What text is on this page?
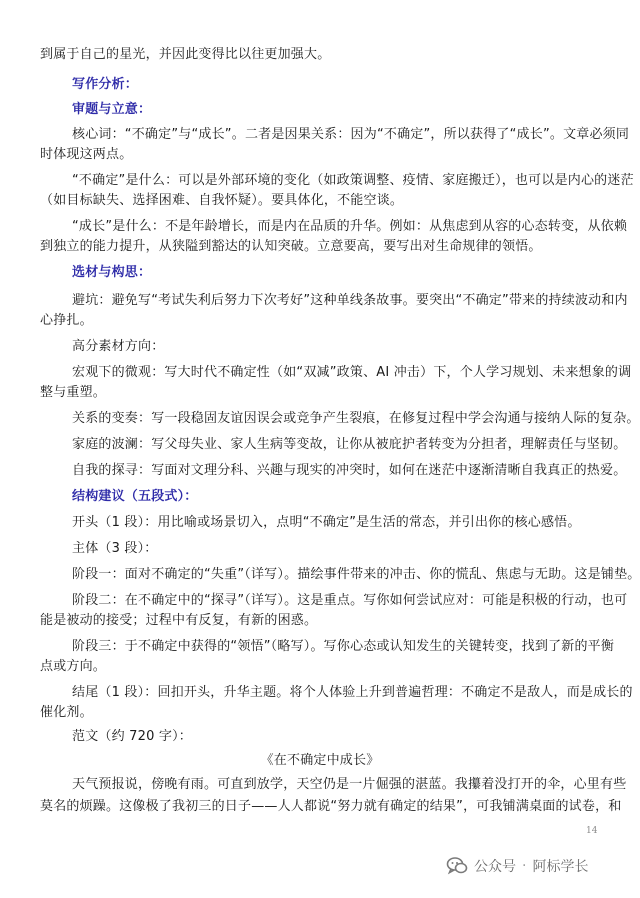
到属于自己的星光，并因此变得比以往更加强大。
写作分析：
审题与立意：
核心词：“不确定”与“成长”。二者是因果关系：因为“不确定”，所以获得了“成长”。文章必须同
时体现这两点。
“不确定”是什么：可以是外部环境的变化（如政策调整、疫情、家庭搬迁），也可以是内心的迷茫
（如目标缺失、选择困难、自我怀疑）。要具体化，不能空谈。
“成长”是什么：不是年龄增长，而是内在品质的升华。例如：从焦虑到从容的心态转变，从依赖
到独立的能力提升，从狭隘到豁达的认知突破。立意要高，要写出对生命规律的领悟。
选材与构思：
避坑：避免写“考试失利后努力下次考好”这种单线条故事。要突出“不确定”带来的持续波动和内
心挣扎。
高分素材方向：
宏观下的微观：写大时代不确定性（如“双减”政策、AI 冲击）下，个人学习规划、未来想象的调
整与重塑。
关系的变奏：写一段稳固友谊因误会或竞争产生裂痕，在修复过程中学会沟通与接纳人际的复杂。
家庭的波澜：写父母失业、家人生病等变故，让你从被庇护者转变为分担者，理解责任与坚韧。
自我的探寻：写面对文理分科、兴趣与现实的冲突时，如何在迷茫中逐渐清晰自我真正的热爱。
结构建议（五段式）：
开头（1 段）：用比喻或场景切入，点明“不确定”是生活的常态，并引出你的核心感悟。
主体（3 段）：
阶段一：面对不确定的“失重”（详写）。描绘事件带来的冲击、你的慌乱、焦虑与无助。这是铺垫。
阶段二：在不确定中的“探寻”（详写）。这是重点。写你如何尝试应对：可能是积极的行动，也可
能是被动的接受；过程中有反复，有新的困惑。
阶段三：于不确定中获得的“领悟”（略写）。写你心态或认知发生的关键转变，找到了新的平衡
点或方向。
结尾（1 段）：回扣开头，升华主题。将个人体验上升到普遍哲理：不确定不是敌人，而是成长的
催化剂。
范文（约 720 字）：
《在不确定中成长》
天气预报说，傍晚有雨。可直到放学，天空仍是一片倔强的湛蓝。我攥着没打开的伞，心里有些
莫名的烦躁。这像极了我初三的日子——人人都说“努力就有确定的结果”，可我铺满桌面的试卷，和
14
公众号 · 阿标学长
